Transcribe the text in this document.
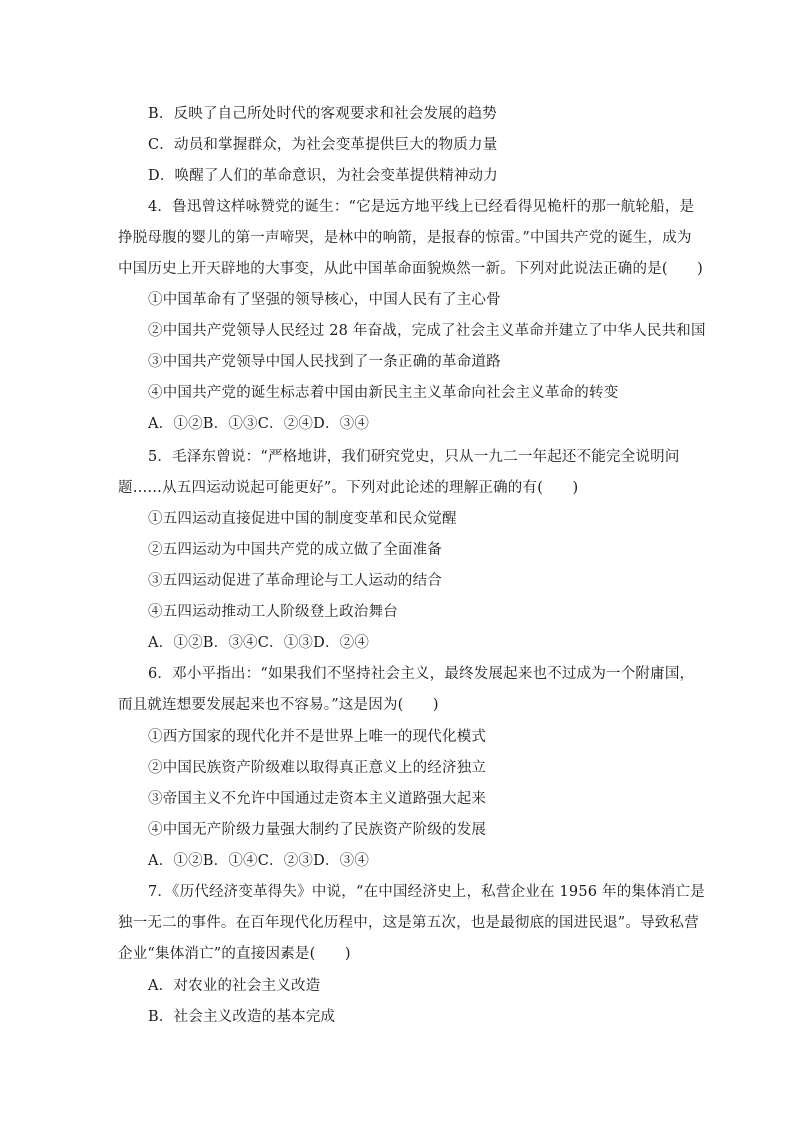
B．反映了自己所处时代的客观要求和社会发展的趋势
C．动员和掌握群众，为社会变革提供巨大的物质力量
D．唤醒了人们的革命意识，为社会变革提供精神动力
4．鲁迅曾这样咏赞党的诞生：“它是远方地平线上已经看得见桅杆的那一航轮船，是
挣脱母腹的婴儿的第一声啼哭，是林中的响箭，是报春的惊雷。”中国共产党的诞生，成为
中国历史上开天辟地的大事变，从此中国革命面貌焕然一新。下列对此说法正确的是(　　)
①中国革命有了坚强的领导核心，中国人民有了主心骨
②中国共产党领导人民经过 28 年奋战，完成了社会主义革命并建立了中华人民共和国
③中国共产党领导中国人民找到了一条正确的革命道路
④中国共产党的诞生标志着中国由新民主主义革命向社会主义革命的转变
A．①②B．①③C．②④D．③④
5．毛泽东曾说：“严格地讲，我们研究党史，只从一九二一年起还不能完全说明问
题……从五四运动说起可能更好”。下列对此论述的理解正确的有(　　)
①五四运动直接促进中国的制度变革和民众觉醒
②五四运动为中国共产党的成立做了全面准备
③五四运动促进了革命理论与工人运动的结合
④五四运动推动工人阶级登上政治舞台
A．①②B．③④C．①③D．②④
6．邓小平指出：“如果我们不坚持社会主义，最终发展起来也不过成为一个附庸国，
而且就连想要发展起来也不容易。”这是因为(　　)
①西方国家的现代化并不是世界上唯一的现代化模式
②中国民族资产阶级难以取得真正意义上的经济独立
③帝国主义不允许中国通过走资本主义道路强大起来
④中国无产阶级力量强大制约了民族资产阶级的发展
A．①②B．①④C．②③D．③④
7．《历代经济变革得失》中说，“在中国经济史上，私营企业在 1956 年的集体消亡是
独一无二的事件。在百年现代化历程中，这是第五次，也是最彻底的国进民退”。导致私营
企业“集体消亡”的直接因素是(　　)
A．对农业的社会主义改造
B．社会主义改造的基本完成
